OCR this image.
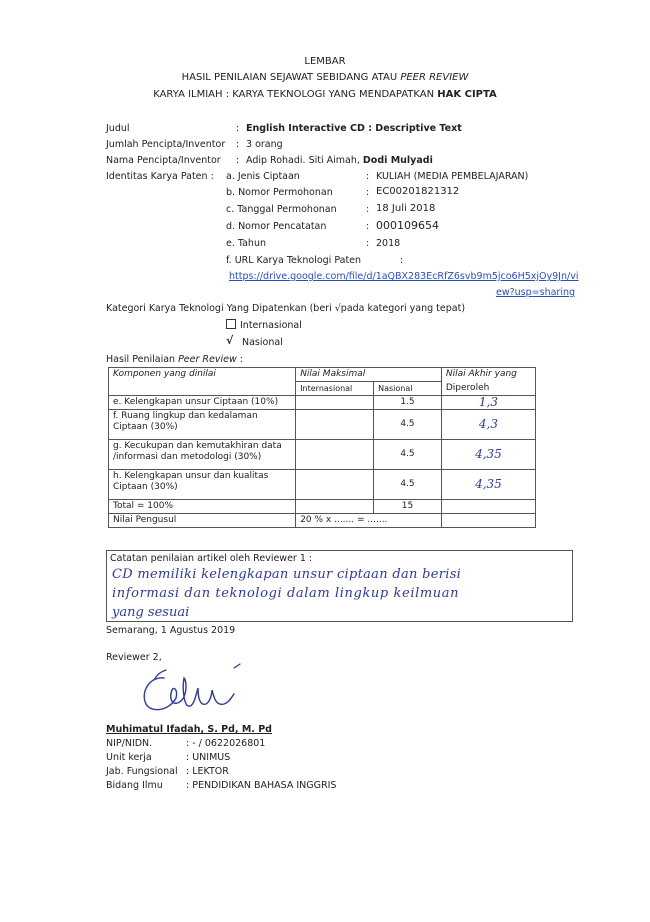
LEMBAR
HASIL PENILAIAN SEJAWAT SEBIDANG ATAU PEER REVIEW
KARYA ILMIAH : KARYA TEKNOLOGI YANG MENDAPATKAN HAK CIPTA
Judul	: English Interactive CD : Descriptive Text
Jumlah Pencipta/Inventor : 3 orang
Nama Pencipta/Inventor : Adip Rohadi. Siti Aimah, Dodi Mulyadi
Identitas Karya Paten : a. Jenis Ciptaan	: KULIAH (MEDIA PEMBELAJARAN)
b. Nomor Permohonan	: EC00201821312
c. Tanggal Permohonan	: 18 Juli 2018
d. Nomor Pencatatan	: 000109654
e. Tahun	: 2018
f. URL Karya Teknologi Paten	:
https://drive.google.com/file/d/1aQBX283EcRfZ6svb9m5jco6H5xjOy9Jn/vi
ew?usp=sharing
Kategori Karya Teknologi Yang Dipatenkan (beri √pada kategori yang tepat)
Internasional
√ Nasional
Hasil Penilaian Peer Review :
Komponen yang dinilai	Nilai Maksimal		Nilai Akhir yang
	Internasional	Nasional	Diperoleh
e. Kelengkapan unsur Ciptaan (10%)		1.5	1,3
f. Ruang lingkup dan kedalaman Ciptaan (30%)		4.5	4,3
g. Kecukupan dan kemutakhiran data /informasi dan metodologi (30%)		4.5	4,35
h. Kelengkapan unsur dan kualitas Ciptaan (30%)		4.5	4,35
Total = 100%		15	
Nilai Pengusul	20 % x ....... = .......		
Catatan penilaian artikel oleh Reviewer 1 :
CD memiliki kelengkapan unsur ciptaan dan berisi
informasi dan teknologi dalam lingkup keilmuan
yang sesuai
Semarang, 1 Agustus 2019
Reviewer 2,
Muhimatul Ifadah, S. Pd, M. Pd
NIP/NIDN.	: - / 0622026801
Unit kerja	: UNIMUS
Jab. Fungsional : LEKTOR
Bidang Ilmu : PENDIDIKAN BAHASA INGGRIS
